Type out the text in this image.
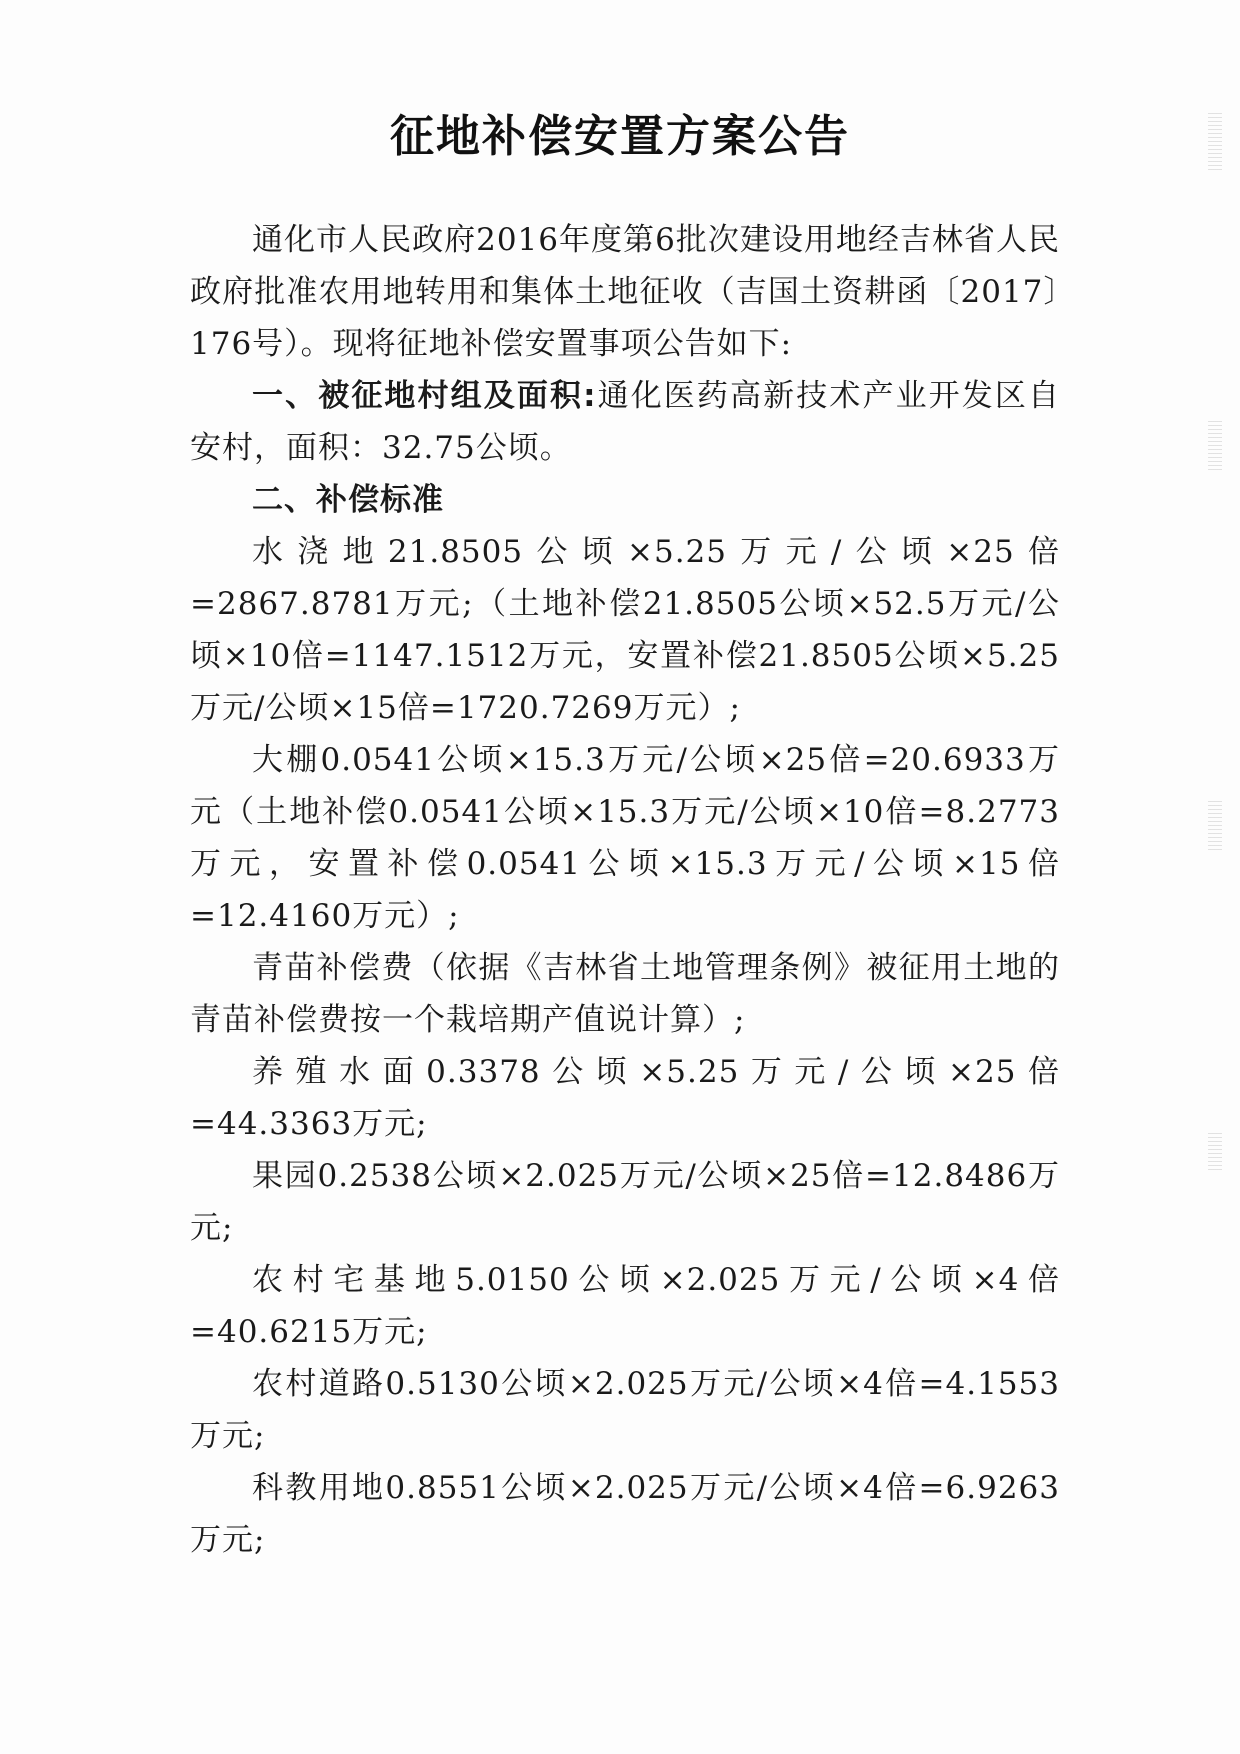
征地补偿安置方案公告

通化市人民政府2016年度第6批次建设用地经吉林省人民政府批准农用地转用和集体土地征收（吉国土资耕函〔2017〕176号）。现将征地补偿安置事项公告如下:

一、被征地村组及面积:通化医药高新技术产业开发区自安村，面积：32.75公顷。

二、补偿标准

水浇地21.8505公顷×5.25万元/公顷×25倍=2867.8781万元;（土地补偿21.8505公顷×52.5万元/公顷×10倍=1147.1512万元，安置补偿21.8505公顷×5.25万元/公顷×15倍=1720.7269万元）;

大棚0.0541公顷×15.3万元/公顷×25倍=20.6933万元（土地补偿0.0541公顷×15.3万元/公顷×10倍=8.2773万元，安置补偿0.0541公顷×15.3万元/公顷×15倍=12.4160万元）;

青苗补偿费（依据《吉林省土地管理条例》被征用土地的青苗补偿费按一个栽培期产值说计算）;

养殖水面0.3378公顷×5.25万元/公顷×25倍=44.3363万元;

果园0.2538公顷×2.025万元/公顷×25倍=12.8486万元;

农村宅基地5.0150公顷×2.025万元/公顷×4倍=40.6215万元;

农村道路0.5130公顷×2.025万元/公顷×4倍=4.1553万元;

科教用地0.8551公顷×2.025万元/公顷×4倍=6.9263万元;
